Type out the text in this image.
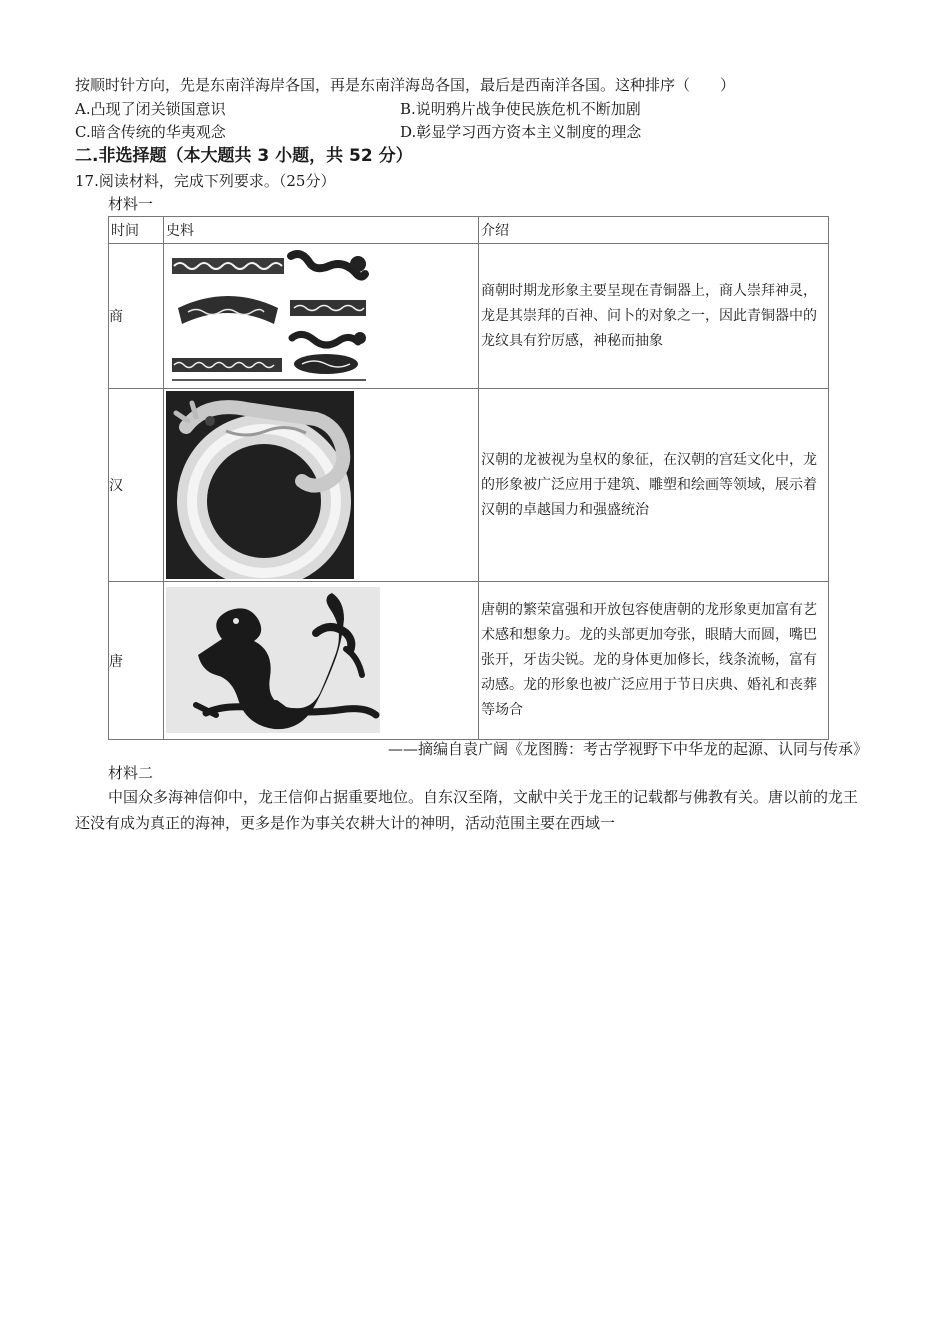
按顺时针方向，先是东南洋海岸各国，再是东南洋海岛各国，最后是西南洋各国。这种排序（　　）
A.凸现了闭关锁国意识	B.说明鸦片战争使民族危机不断加剧
C.暗含传统的华夷观念	D.彰显学习西方资本主义制度的理念
二.非选择题（本大题共 3 小题，共 52 分）
17.阅读材料，完成下列要求。（25分）
材料一
时间	史料	介绍
商		商朝时期龙形象主要呈现在青铜器上，商人崇拜神灵，龙是其崇拜的百神、问卜的对象之一，因此青铜器中的龙纹具有狞厉感，神秘而抽象
汉		汉朝的龙被视为皇权的象征，在汉朝的宫廷文化中，龙的形象被广泛应用于建筑、雕塑和绘画等领域，展示着汉朝的卓越国力和强盛统治
唐		唐朝的繁荣富强和开放包容使唐朝的龙形象更加富有艺术感和想象力。龙的头部更加夸张，眼睛大而圆，嘴巴张开，牙齿尖锐。龙的身体更加修长，线条流畅，富有动感。龙的形象也被广泛应用于节日庆典、婚礼和丧葬等场合
——摘编自袁广阔《龙图腾：考古学视野下中华龙的起源、认同与传承》
材料二
中国众多海神信仰中，龙王信仰占据重要地位。自东汉至隋，文献中关于龙王的记载都与佛教有关。唐以前的龙王还没有成为真正的海神，更多是作为事关农耕大计的神明，活动范围主要在西域一
